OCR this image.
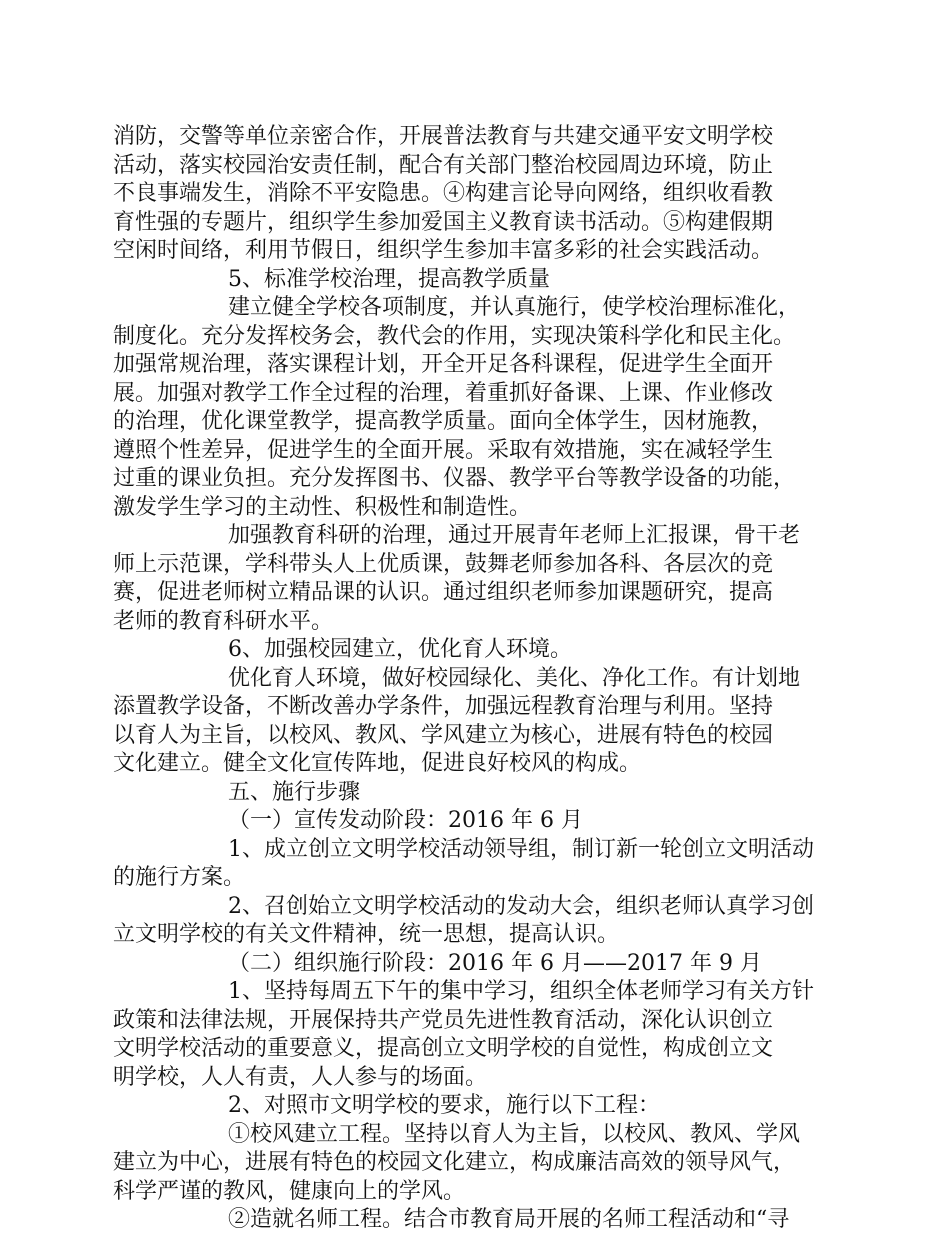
消防，交警等单位亲密合作，开展普法教育与共建交通平安文明学校
活动，落实校园治安责任制，配合有关部门整治校园周边环境，防止
不良事端发生，消除不平安隐患。④构建言论导向网络，组织收看教
育性强的专题片，组织学生参加爱国主义教育读书活动。⑤构建假期
空闲时间络，利用节假日，组织学生参加丰富多彩的社会实践活动。
5、标准学校治理，提高教学质量
建立健全学校各项制度，并认真施行，使学校治理标准化，
制度化。充分发挥校务会，教代会的作用，实现决策科学化和民主化。
加强常规治理，落实课程计划，开全开足各科课程，促进学生全面开
展。加强对教学工作全过程的治理，着重抓好备课、上课、作业修改
的治理，优化课堂教学，提高教学质量。面向全体学生，因材施教，
遵照个性差异，促进学生的全面开展。采取有效措施，实在减轻学生
过重的课业负担。充分发挥图书、仪器、教学平台等教学设备的功能，
激发学生学习的主动性、积极性和制造性。
加强教育科研的治理，通过开展青年老师上汇报课，骨干老
师上示范课，学科带头人上优质课，鼓舞老师参加各科、各层次的竞
赛，促进老师树立精品课的认识。通过组织老师参加课题研究，提高
老师的教育科研水平。
6、加强校园建立，优化育人环境。
优化育人环境，做好校园绿化、美化、净化工作。有计划地
添置教学设备，不断改善办学条件，加强远程教育治理与利用。坚持
以育人为主旨，以校风、教风、学风建立为核心，进展有特色的校园
文化建立。健全文化宣传阵地，促进良好校风的构成。
五、施行步骤
（一）宣传发动阶段：2016 年 6 月
1、成立创立文明学校活动领导组，制订新一轮创立文明活动
的施行方案。
2、召创始立文明学校活动的发动大会，组织老师认真学习创
立文明学校的有关文件精神，统一思想，提高认识。
（二）组织施行阶段：2016 年 6 月——2017 年 9 月
1、坚持每周五下午的集中学习，组织全体老师学习有关方针
政策和法律法规，开展保持共产党员先进性教育活动，深化认识创立
文明学校活动的重要意义，提高创立文明学校的自觉性，构成创立文
明学校，人人有责，人人参与的场面。
2、对照市文明学校的要求，施行以下工程：
①校风建立工程。坚持以育人为主旨，以校风、教风、学风
建立为中心，进展有特色的校园文化建立，构成廉洁高效的领导风气，
科学严谨的教风，健康向上的学风。
②造就名师工程。结合市教育局开展的名师工程活动和“寻
